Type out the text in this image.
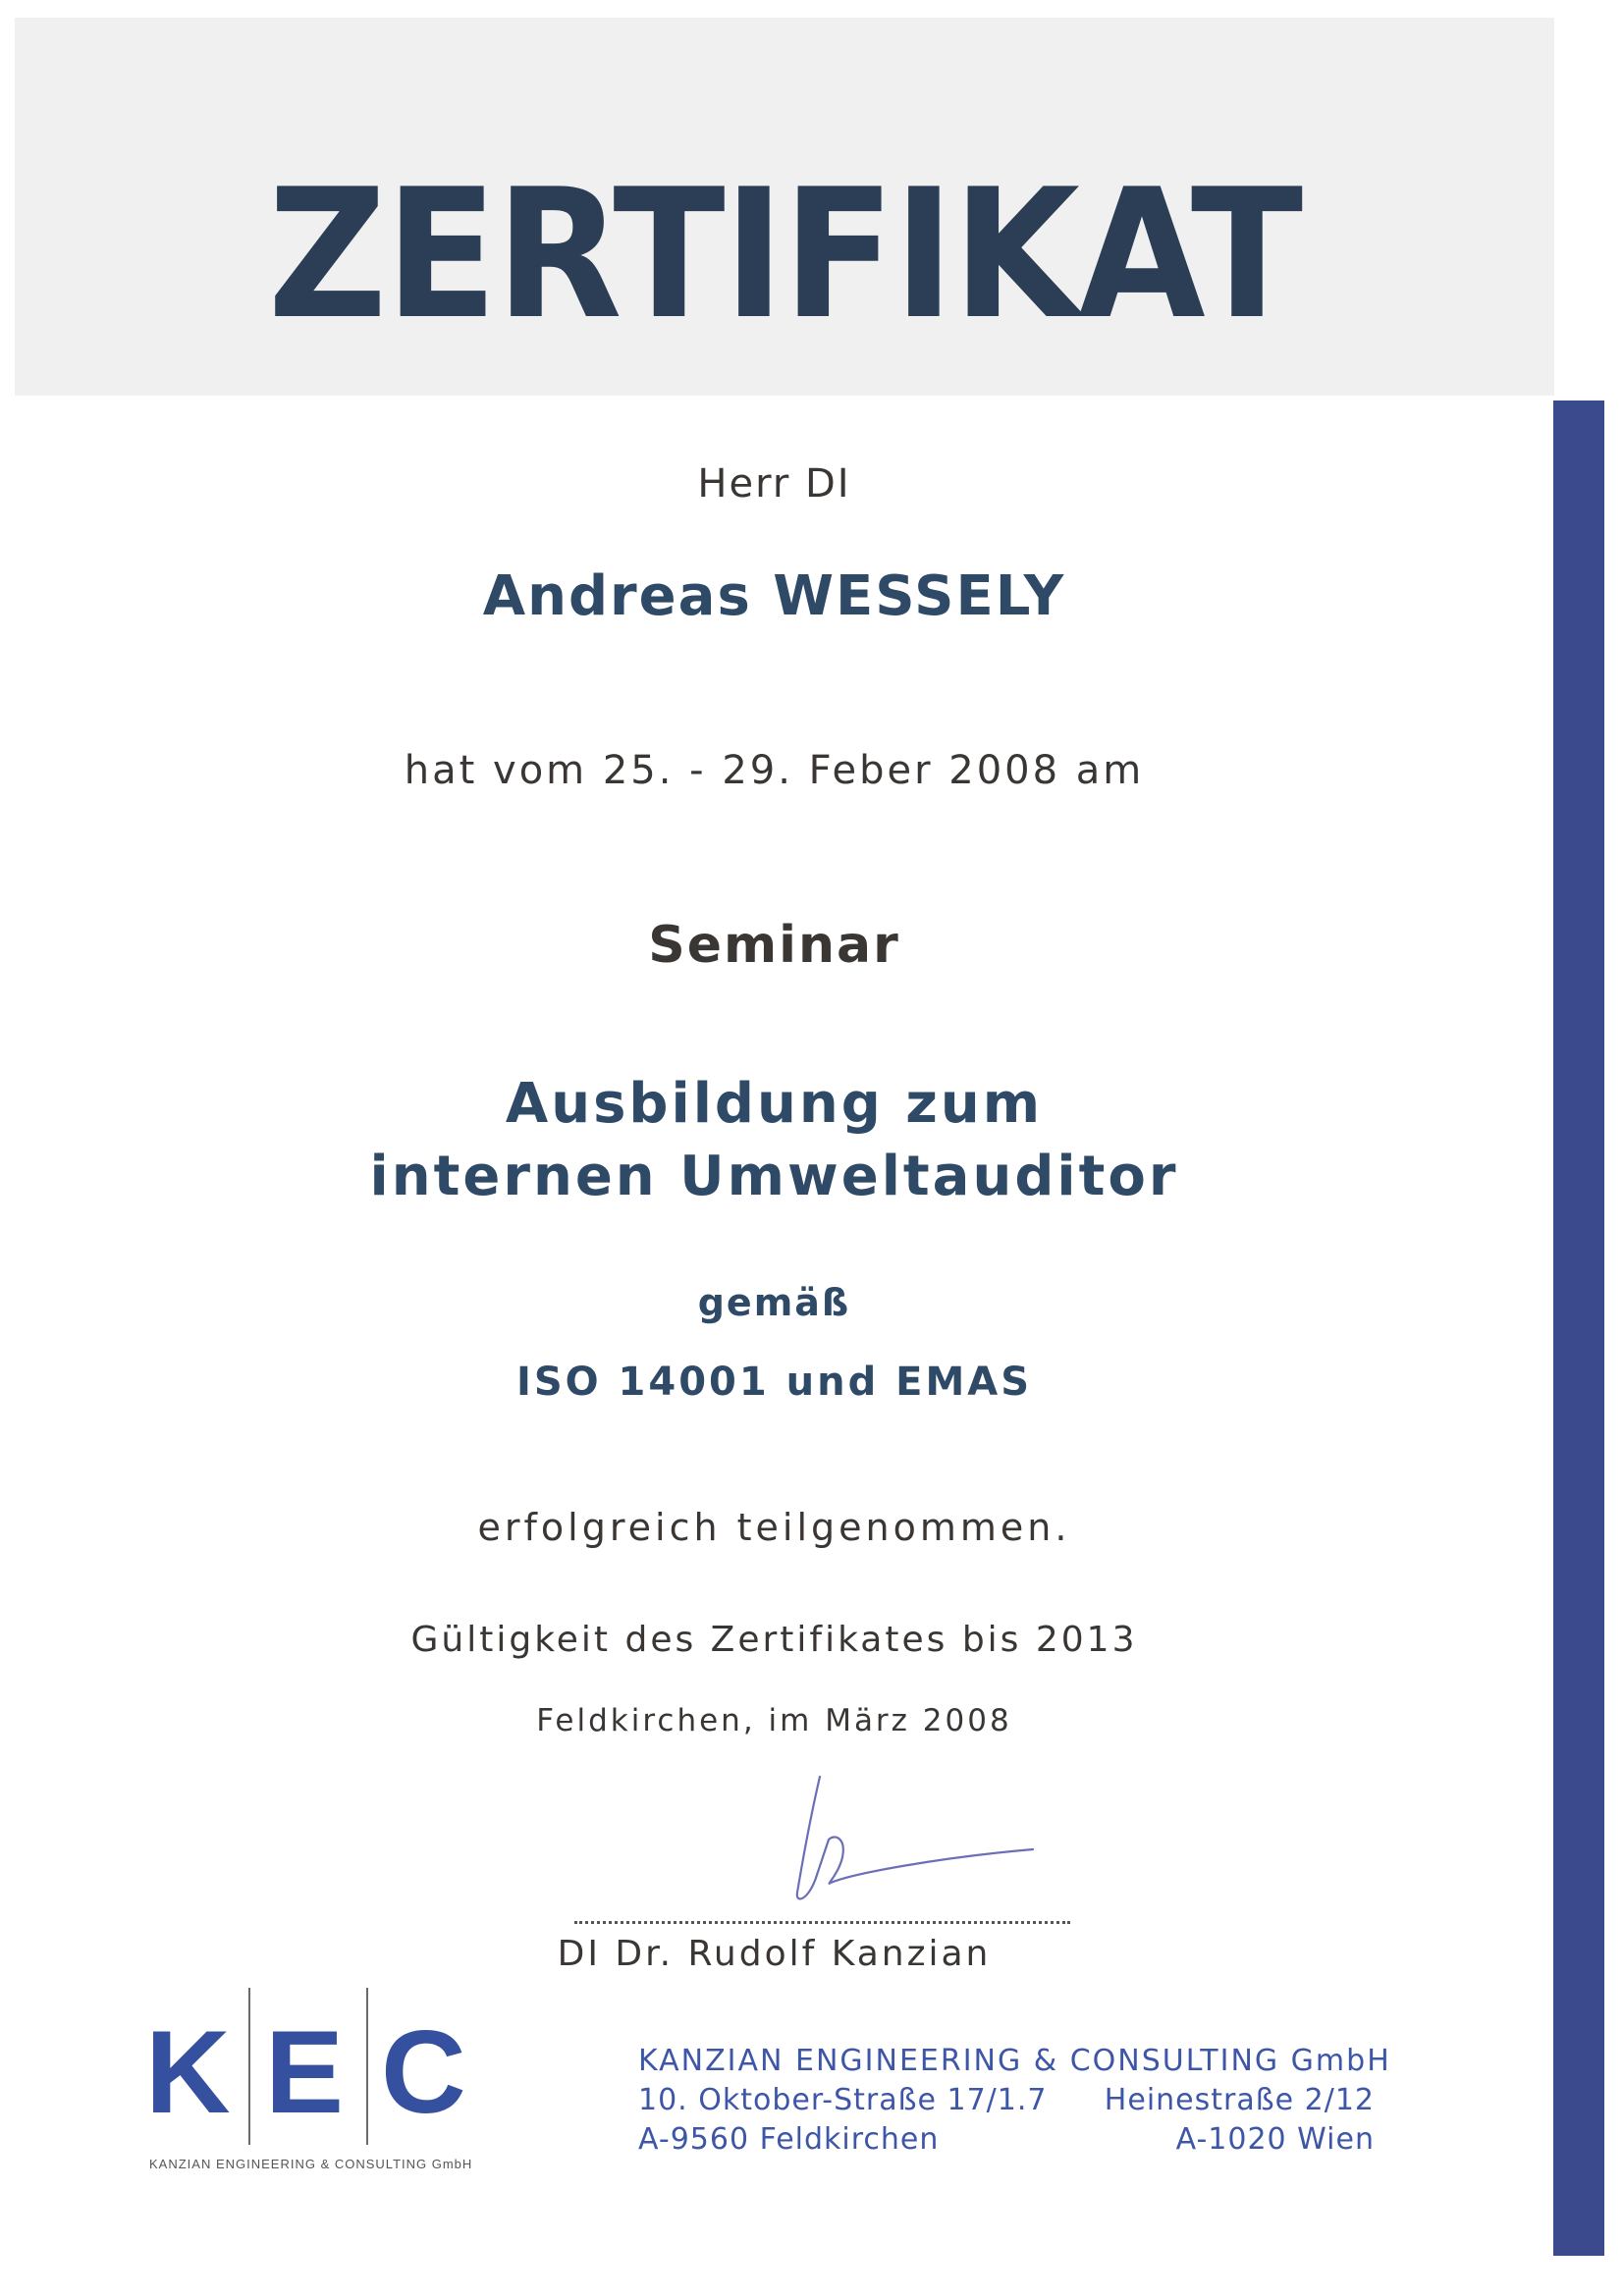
ZERTIFIKAT
Herr DI
Andreas WESSELY
hat vom 25. - 29. Feber 2008 am
Seminar
Ausbildung zum
internen Umweltauditor
gemäß
ISO 14001 und EMAS
erfolgreich teilgenommen.
Gültigkeit des Zertifikates bis 2013
Feldkirchen, im März 2008
DI Dr. Rudolf Kanzian
K E C
KANZIAN ENGINEERING & CONSULTING GmbH
KANZIAN ENGINEERING & CONSULTING GmbH
10. Oktober-Straße 17/1.7 Heinestraße 2/12
A-9560 Feldkirchen	A-1020 Wien
